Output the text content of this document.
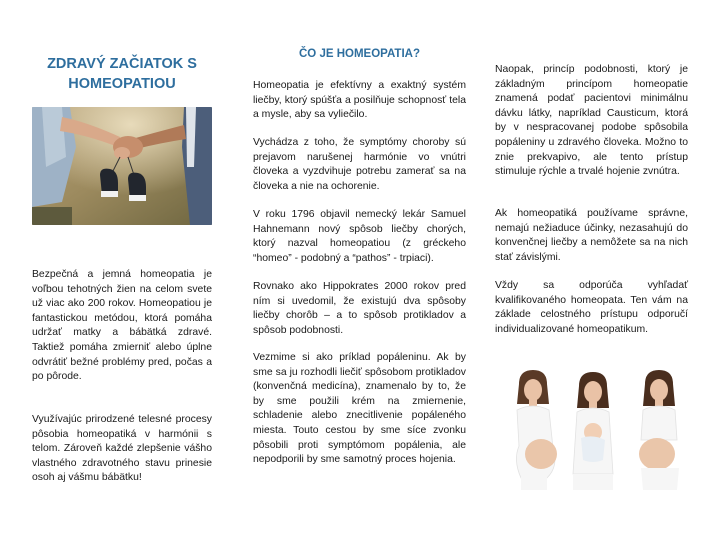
ZDRAVÝ ZAČIATOK S HOMEOPATIOU

Bezpečná a jemná homeopatia je voľbou tehotných žien na celom svete už viac ako 200 rokov. Homeopatiou je fantastickou metódou, ktorá pomáha udržať matky a bábätká zdravé. Taktiež pomáha zmierniť alebo úplne odvrátiť bežné problémy pred, počas a po pôrode.

Využívajúc prirodzené telesné procesy pôsobia homeopatiká v harmónii s telom. Zároveň každé zlepšenie vášho vlastného zdravotného stavu prinesie osoh aj vášmu bábätku!

ČO JE HOMEOPATIA?

Homeopatia je efektívny a exaktný systém liečby, ktorý spúšťa a posilňuje schopnosť tela a mysle, aby sa vyliečilo.

Vychádza z toho, že symptómy choroby sú prejavom narušenej harmónie vo vnútri človeka a vyzdvihuje potrebu zamerať sa na človeka a nie na ochorenie.

V roku 1796 objavil nemecký lekár Samuel Hahnemann nový spôsob liečby chorých, ktorý nazval homeopatiou (z gréckeho “homeo” - podobný a “pathos” - trpiaci).

Rovnako ako Hippokrates 2000 rokov pred ním si uvedomil, že existujú dva spôsoby liečby chorôb – a to spôsob protikladov a spôsob podobnosti.

Vezmime si ako príklad popáleninu. Ak by sme sa ju rozhodli liečiť spôsobom protikladov (konvenčná medicína), znamenalo by to, že by sme použili krém na zmiernenie, schladenie alebo znecitlivenie popáleného miesta. Touto cestou by sme síce zvonku pôsobili proti symptómom popálenia, ale nepodporili by sme samotný proces hojenia.

Naopak, princíp podobnosti, ktorý je základným princípom homeopatie znamená podať pacientovi minimálnu dávku látky, napríklad Causticum, ktorá by v nespracovanej podobe spôsobila popáleniny u zdravého človeka. Možno to znie prekvapivo, ale tento prístup stimuluje rýchle a trvalé hojenie zvnútra.

Ak homeopatiká používame správne, nemajú nežiaduce účinky, nezasahujú do konvenčnej liečby a nemôžete sa na nich stať závislými.

Vždy sa odporúča vyhľadať kvalifikovaného homeopata. Ten vám na základe celostného prístupu odporučí individualizované homeopatikum.
